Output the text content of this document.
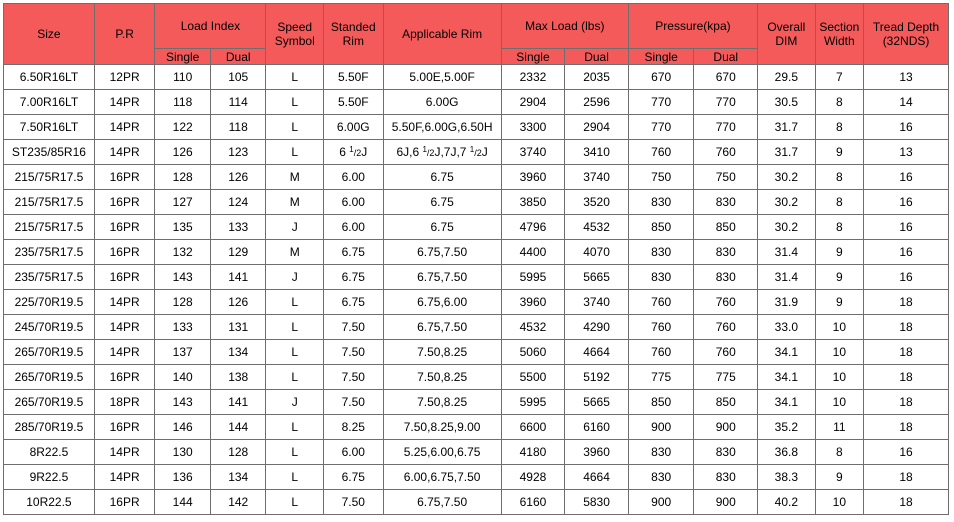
Size	P.R	Load Index		Speed Symbol	Standed Rim	Applicable Rim	Max Load (lbs)		Pressure(kpa)		Overall DIM	Section Width	Tread Depth (32NDS)
		Single	Dual				Single	Dual	Single	Dual			
6.50R16LT	12PR	110	105	L	5.50F	5.00E,5.00F	2332	2035	670	670	29.5	7	13
7.00R16LT	14PR	118	114	L	5.50F	6.00G	2904	2596	770	770	30.5	8	14
7.50R16LT	14PR	122	118	L	6.00G	5.50F,6.00G,6.50H	3300	2904	770	770	31.7	8	16
ST235/85R16	14PR	126	123	L	6 $^1$/2J	6J,6 $^1$/2J,7J,7 $^1$/2J	3740	3410	760	760	31.7	9	13
215/75R17.5	16PR	128	126	M	6.00	6.75	3960	3740	750	750	30.2	8	16
215/75R17.5	16PR	127	124	M	6.00	6.75	3850	3520	830	830	30.2	8	16
215/75R17.5	16PR	135	133	J	6.00	6.75	4796	4532	850	850	30.2	8	16
235/75R17.5	16PR	132	129	M	6.75	6.75,7.50	4400	4070	830	830	31.4	9	16
235/75R17.5	16PR	143	141	J	6.75	6.75,7.50	5995	5665	830	830	31.4	9	16
225/70R19.5	14PR	128	126	L	6.75	6.75,6.00	3960	3740	760	760	31.9	9	18
245/70R19.5	14PR	133	131	L	7.50	6.75,7.50	4532	4290	760	760	33.0	10	18
265/70R19.5	14PR	137	134	L	7.50	7.50,8.25	5060	4664	760	760	34.1	10	18
265/70R19.5	16PR	140	138	L	7.50	7.50,8.25	5500	5192	775	775	34.1	10	18
265/70R19.5	18PR	143	141	J	7.50	7.50,8.25	5995	5665	850	850	34.1	10	18
285/70R19.5	16PR	146	144	L	8.25	7.50,8.25,9.00	6600	6160	900	900	35.2	11	18
8R22.5	14PR	130	128	L	6.00	5.25,6.00,6.75	4180	3960	830	830	36.8	8	16
9R22.5	14PR	136	134	L	6.75	6.00,6.75,7.50	4928	4664	830	830	38.3	9	18
10R22.5	16PR	144	142	L	7.50	6.75,7.50	6160	5830	900	900	40.2	10	18
